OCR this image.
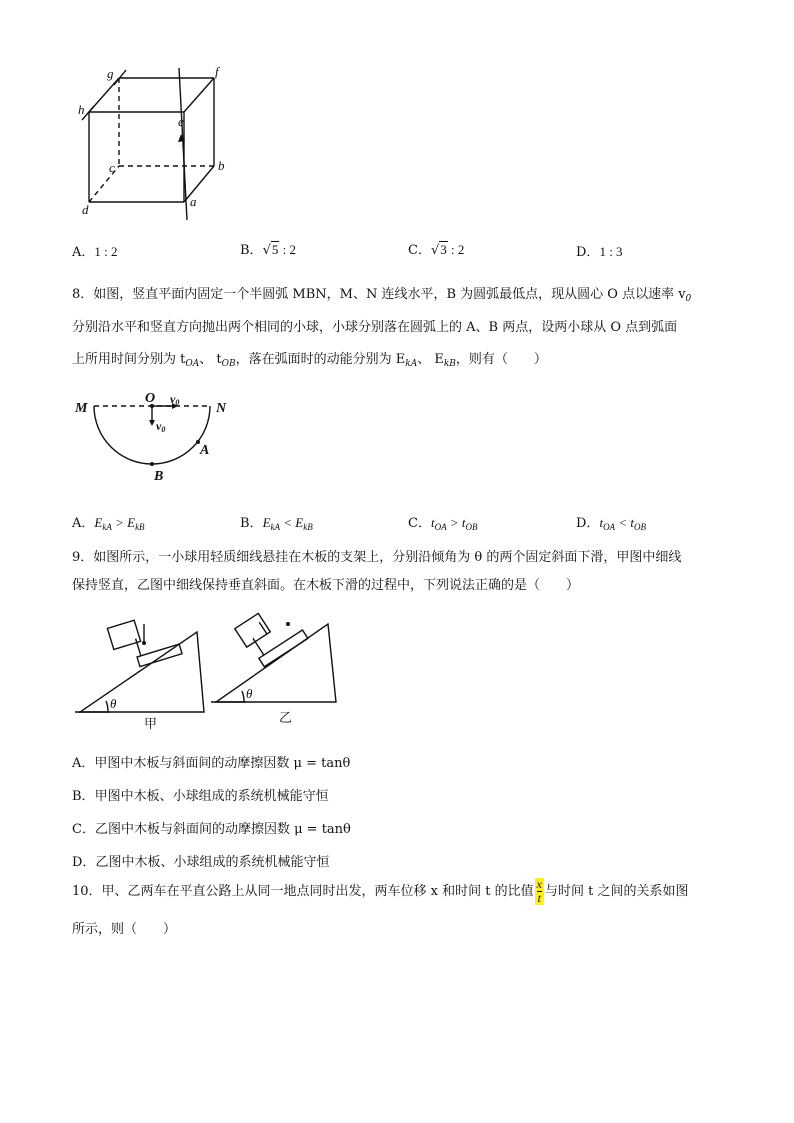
g	f
h
e
c	b
d
a
A．1 : 2	B．√5 : 2	C．√3 : 2	D．1 : 3
8．如图，竖直平面内固定一个半圆弧 MBN，M、N 连线水平，B 为圆弧最低点，现从圆心 O 点以速率 $v_0$
分别沿水平和竖直方向抛出两个相同的小球，小球分别落在圆弧上的 A、B 两点，设两小球从 O 点到弧面
上所用时间分别为 $t_{OA}$、 $t_{OB}$，落在弧面时的动能分别为 $E_{kA}$、 $E_{kB}$，则有（　　）
M	N
O v0
v0
A
B
A．$E_{kA} > E_{kB}$	B．$E_{kA} < E_{kB}$	C．$t_{OA} > t_{OB}$	D．$t_{OA} < t_{OB}$
9．如图所示，一小球用轻质细线悬挂在木板的支架上，分别沿倾角为 θ 的两个固定斜面下滑，甲图中细线
保持竖直，乙图中细线保持垂直斜面。在木板下滑的过程中，下列说法正确的是（　　）
θ
甲
θ
乙
A．甲图中木板与斜面间的动摩擦因数 μ = tanθ
B．甲图中木板、小球组成的系统机械能守恒
C．乙图中木板与斜面间的动摩擦因数 μ = tanθ
D．乙图中木板、小球组成的系统机械能守恒
10．甲、乙两车在平直公路上从同一地点同时出发，两车位移 x 和时间 t 的比值 $\frac{x}{t}$ 与时间 t 之间的关系如图
所示，则（　　）
